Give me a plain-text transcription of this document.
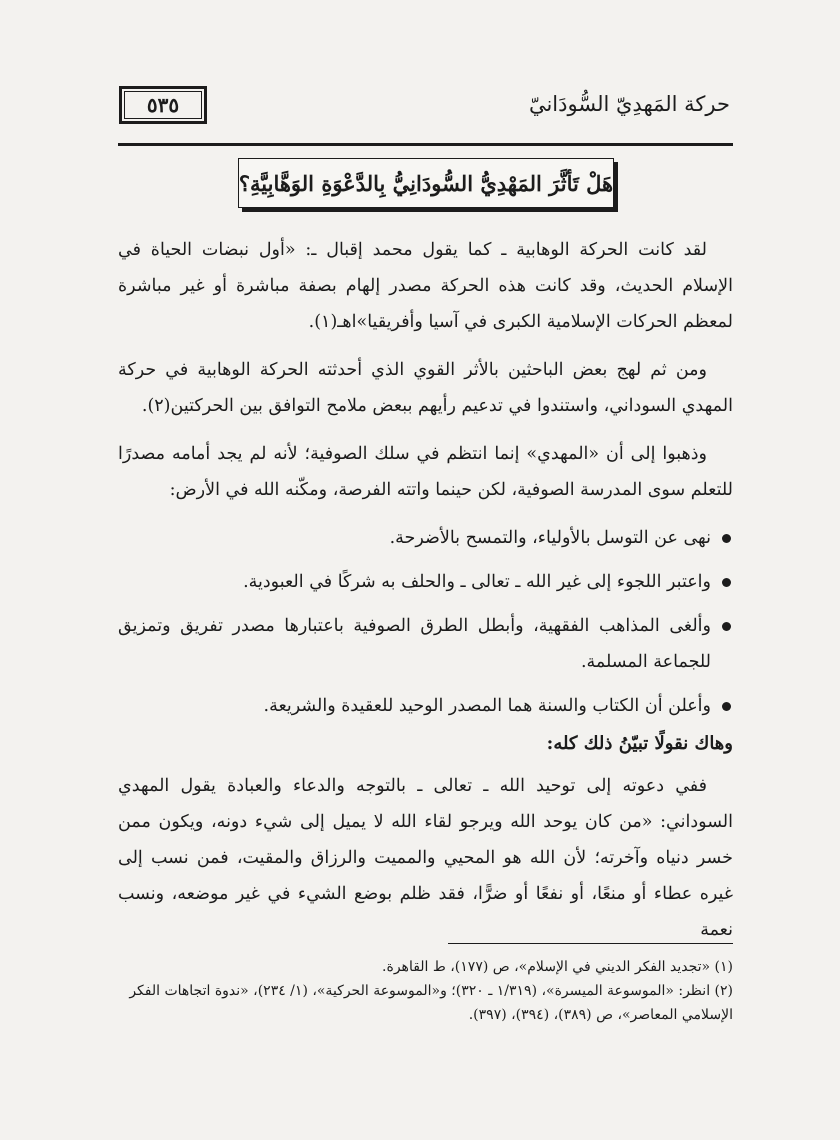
حركة المَهدِيّ السُّودَانيّ
٥٣٥
هَلْ تَأثَّرَ المَهْدِيُّ السُّودَانِيُّ بِالدَّعْوَةِ الوَهَّابِيَّةِ؟

لقد كانت الحركة الوهابية ـ كما يقول محمد إقبال ـ: «أول نبضات الحياة في الإسلام الحديث، وقد كانت هذه الحركة مصدر إلهام بصفة مباشرة أو غير مباشرة لمعظم الحركات الإسلامية الكبرى في آسيا وأفريقيا»اهـ(١).

ومن ثم لهج بعض الباحثين بالأثر القوي الذي أحدثته الحركة الوهابية في حركة المهدي السوداني، واستندوا في تدعيم رأيهم ببعض ملامح التوافق بين الحركتين(٢).

وذهبوا إلى أن «المهدي» إنما انتظم في سلك الصوفية؛ لأنه لم يجد أمامه مصدرًا للتعلم سوى المدرسة الصوفية، لكن حينما واتته الفرصة، ومكّنه الله في الأرض:

نهى عن التوسل بالأولياء، والتمسح بالأضرحة.
واعتبر اللجوء إلى غير الله ـ تعالى ـ والحلف به شركًا في العبودية.
وألغى المذاهب الفقهية، وأبطل الطرق الصوفية باعتبارها مصدر تفريق وتمزيق للجماعة المسلمة.
وأعلن أن الكتاب والسنة هما المصدر الوحيد للعقيدة والشريعة.
وهاك نقولًا تبيّنُ ذلك كله:

ففي دعوته إلى توحيد الله ـ تعالى ـ بالتوجه والدعاء والعبادة يقول المهدي السوداني: «من كان يوحد الله ويرجو لقاء الله لا يميل إلى شيء دونه، ويكون ممن خسر دنياه وآخرته؛ لأن الله هو المحيي والمميت والرزاق والمقيت، فمن نسب إلى غيره عطاء أو منعًا، أو نفعًا أو ضرًّا، فقد ظلم بوضع الشيء في غير موضعه، ونسب نعمة

(١) «تجديد الفكر الديني في الإسلام»، ص (١٧٧)، ط القاهرة.

(٢) انظر: «الموسوعة الميسرة»، (١/٣١٩ ـ ٣٢٠)؛ و«الموسوعة الحركية»، (١/ ٢٣٤)، «ندوة اتجاهات الفكر الإسلامي المعاصر»، ص (٣٨٩)، (٣٩٤)، (٣٩٧).
